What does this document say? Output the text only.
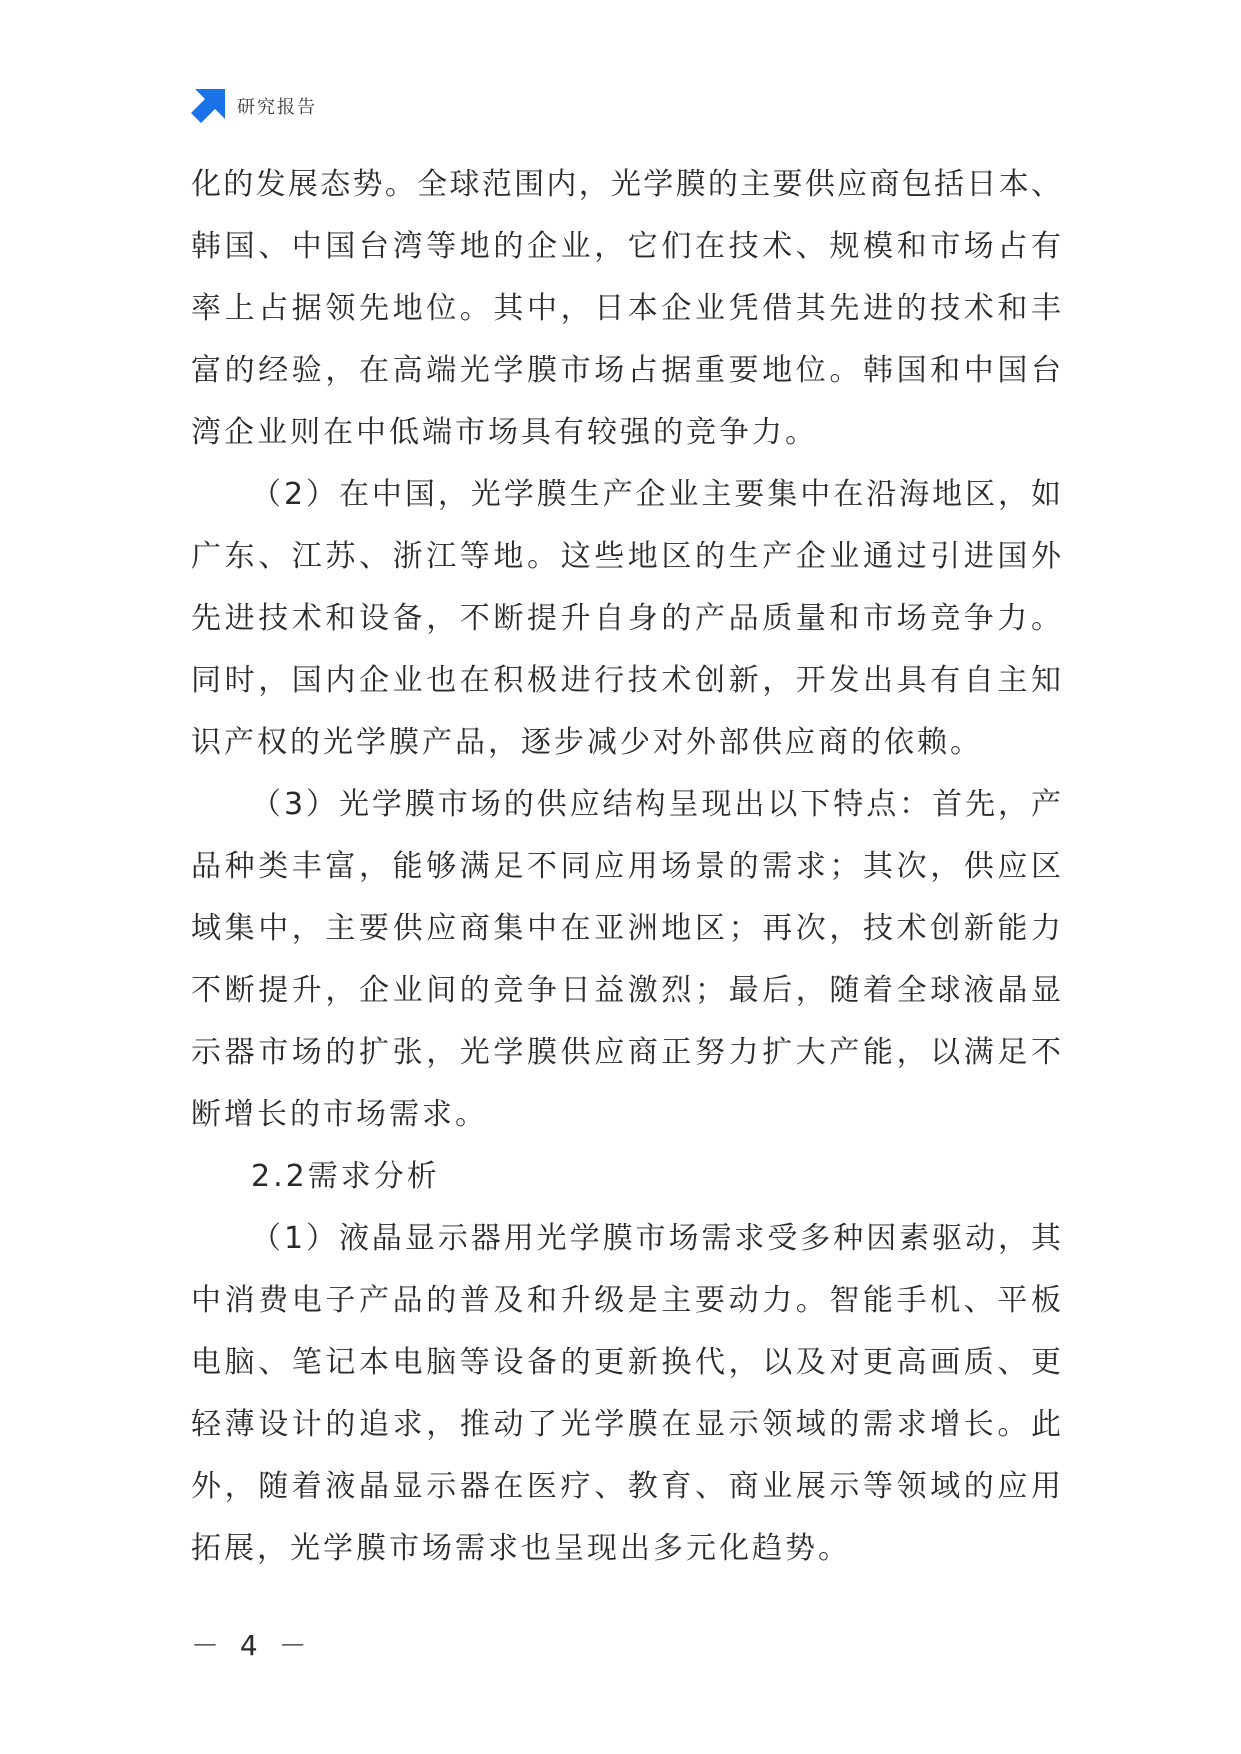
研究报告
化的发展态势。全球范围内，光学膜的主要供应商包括日本、
韩国、中国台湾等地的企业，它们在技术、规模和市场占有
率上占据领先地位。其中，日本企业凭借其先进的技术和丰
富的经验，在高端光学膜市场占据重要地位。韩国和中国台
湾企业则在中低端市场具有较强的竞争力。
（2）在中国，光学膜生产企业主要集中在沿海地区，如
广东、江苏、浙江等地。这些地区的生产企业通过引进国外
先进技术和设备，不断提升自身的产品质量和市场竞争力。
同时，国内企业也在积极进行技术创新，开发出具有自主知
识产权的光学膜产品，逐步减少对外部供应商的依赖。
（3）光学膜市场的供应结构呈现出以下特点：首先，产
品种类丰富，能够满足不同应用场景的需求；其次，供应区
域集中，主要供应商集中在亚洲地区；再次，技术创新能力
不断提升，企业间的竞争日益激烈；最后，随着全球液晶显
示器市场的扩张，光学膜供应商正努力扩大产能，以满足不
断增长的市场需求。
2.2需求分析
（1）液晶显示器用光学膜市场需求受多种因素驱动，其
中消费电子产品的普及和升级是主要动力。智能手机、平板
电脑、笔记本电脑等设备的更新换代，以及对更高画质、更
轻薄设计的追求，推动了光学膜在显示领域的需求增长。此
外，随着液晶显示器在医疗、教育、商业展示等领域的应用
拓展，光学膜市场需求也呈现出多元化趋势。
－ 4 －
